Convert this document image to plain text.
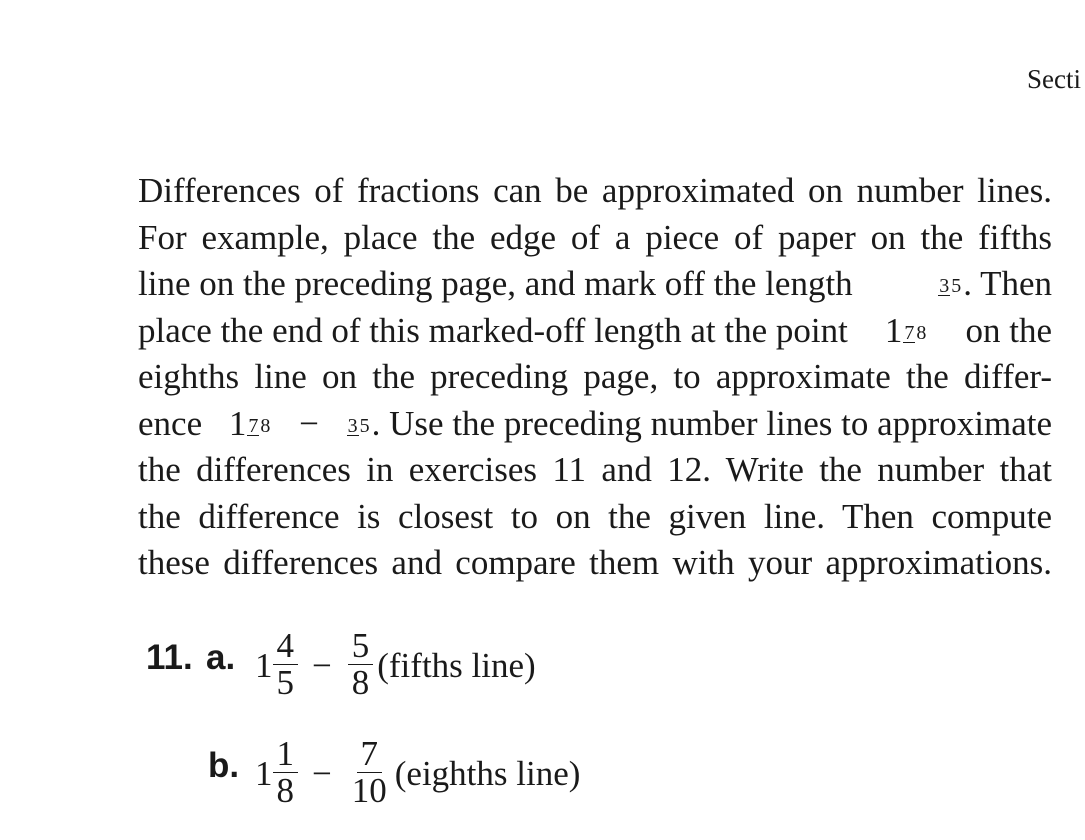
Secti
Differences of fractions can be approximated on number lines.
For example, place the edge of a piece of paper on the fifths
line on the preceding page, and mark off the length	3 5. Then
place the end of this marked-off length at the point 1 7 8 on the
eighths line on the preceding page, to approximate the differ-
ence 1 7 8 − 3 5. Use the preceding number lines to approximate
the differences in exercises 11 and 12. Write the number that
the difference is closest to on the given line. Then compute
these differences and compare them with your approximations.
11. a. $1 \frac{4}{5} - \frac{5}{8}$ (fifths line)
b. $1 \frac{1}{8} - \frac{7}{10}$ (eighths line)
